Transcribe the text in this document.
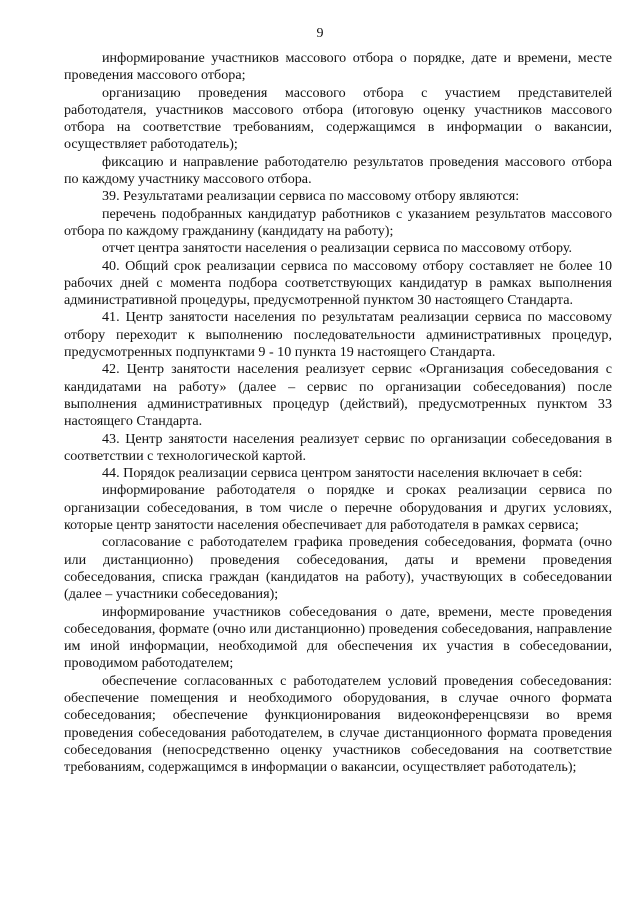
9

информирование участников массового отбора о порядке, дате и времени, месте проведения массового отбора;

организацию проведения массового отбора с участием представителей работодателя, участников массового отбора (итоговую оценку участников массового отбора на соответствие требованиям, содержащимся в информации о вакансии, осуществляет работодатель);

фиксацию и направление работодателю результатов проведения массового отбора по каждому участнику массового отбора.

39. Результатами реализации сервиса по массовому отбору являются:

перечень подобранных кандидатур работников с указанием результатов массового отбора по каждому гражданину (кандидату на работу);

отчет центра занятости населения о реализации сервиса по массовому отбору.

40. Общий срок реализации сервиса по массовому отбору составляет не более 10 рабочих дней с момента подбора соответствующих кандидатур в рамках выполнения административной процедуры, предусмотренной пунктом 30 настоящего Стандарта.

41. Центр занятости населения по результатам реализации сервиса по массовому отбору переходит к выполнению последовательности административных процедур, предусмотренных подпунктами 9 - 10 пункта 19 настоящего Стандарта.

42. Центр занятости населения реализует сервис «Организация собеседования с кандидатами на работу» (далее – сервис по организации собеседования) после выполнения административных процедур (действий), предусмотренных пунктом 33 настоящего Стандарта.

43. Центр занятости населения реализует сервис по организации собеседования в соответствии с технологической картой.

44. Порядок реализации сервиса центром занятости населения включает в себя:

информирование работодателя о порядке и сроках реализации сервиса по организации собеседования, в том числе о перечне оборудования и других условиях, которые центр занятости населения обеспечивает для работодателя в рамках сервиса;

согласование с работодателем графика проведения собеседования, формата (очно или дистанционно) проведения собеседования, даты и времени проведения собеседования, списка граждан (кандидатов на работу), участвующих в собеседовании (далее – участники собеседования);

информирование участников собеседования о дате, времени, месте проведения собеседования, формате (очно или дистанционно) проведения собеседования, направление им иной информации, необходимой для обеспечения их участия в собеседовании, проводимом работодателем;

обеспечение согласованных с работодателем условий проведения собеседования: обеспечение помещения и необходимого оборудования, в случае очного формата собеседования; обеспечение функционирования видеоконференцсвязи во время проведения собеседования работодателем, в случае дистанционного формата проведения собеседования (непосредственно оценку участников собеседования на соответствие требованиям, содержащимся в информации о вакансии, осуществляет работодатель);
